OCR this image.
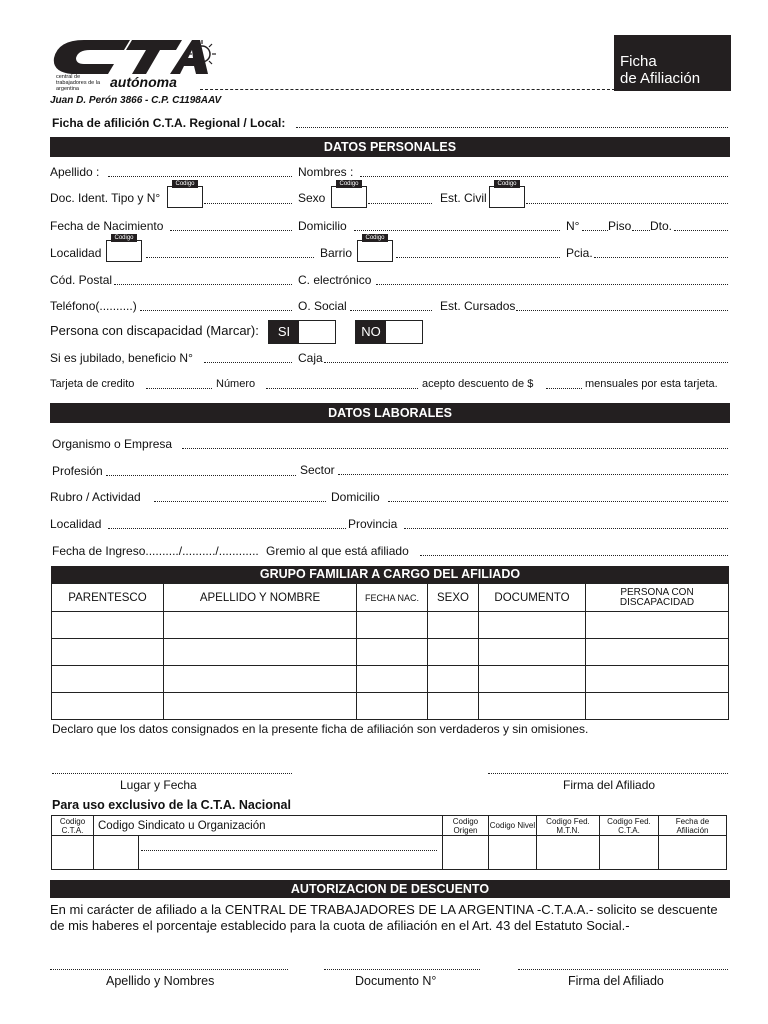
central de trabajadores de la argentina	autónoma
Juan D. Perón 3866 - C.P. C1198AAV
Ficha
de Afiliación
Ficha de afilición C.T.A. Regional / Local:
DATOS PERSONALES
Apellido :	Nombres :
Doc. Ident. Tipo y N°
Codigo
Sexo
Codigo
Est. Civil
Codigo
Fecha de Nacimiento	Domicilio	N° Piso Dto.
Localidad
Codigo
Barrio
Codigo
Pcia.
Cód. Postal	C. electrónico
Teléfono(..........)	O. Social	Est. Cursados
Persona con discapacidad (Marcar):	SI	NO
Si es jubilado, beneficio N°	Caja
Tarjeta de credito	Número	acepto descuento de $	mensuales por esta tarjeta.
DATOS LABORALES
Organismo o Empresa
Profesión	Sector
Rubro / Actividad	Domicilio
Localidad	Provincia
Fecha de Ingreso........../........../............ Gremio al que está afiliado
GRUPO FAMILIAR A CARGO DEL AFILIADO
PARENTESCO	APELLIDO Y NOMBRE	FECHA NAC.	SEXO	DOCUMENTO	PERSONA CON DISCAPACIDAD

Declaro que los datos consignados en la presente ficha de afiliación son verdaderos y sin omisiones.
Lugar y Fecha	Firma del Afiliado
Para uso exclusivo de la C.T.A. Nacional
Codigo C.T.A.	Codigo Sindicato u Organización		Codigo Origen	Codigo Nivel	Codigo Fed. M.T.N.	Codigo Fed. C.T.A.	Fecha de Afiliación

AUTORIZACION DE DESCUENTO
En mi carácter de afiliado a la CENTRAL DE TRABAJADORES DE LA ARGENTINA -C.T.A.A.- solicito se descuente
de mis haberes el porcentaje establecido para la cuota de afiliación en el Art. 43 del Estatuto Social.-
Apellido y Nombres	Documento N°	Firma del Afiliado
